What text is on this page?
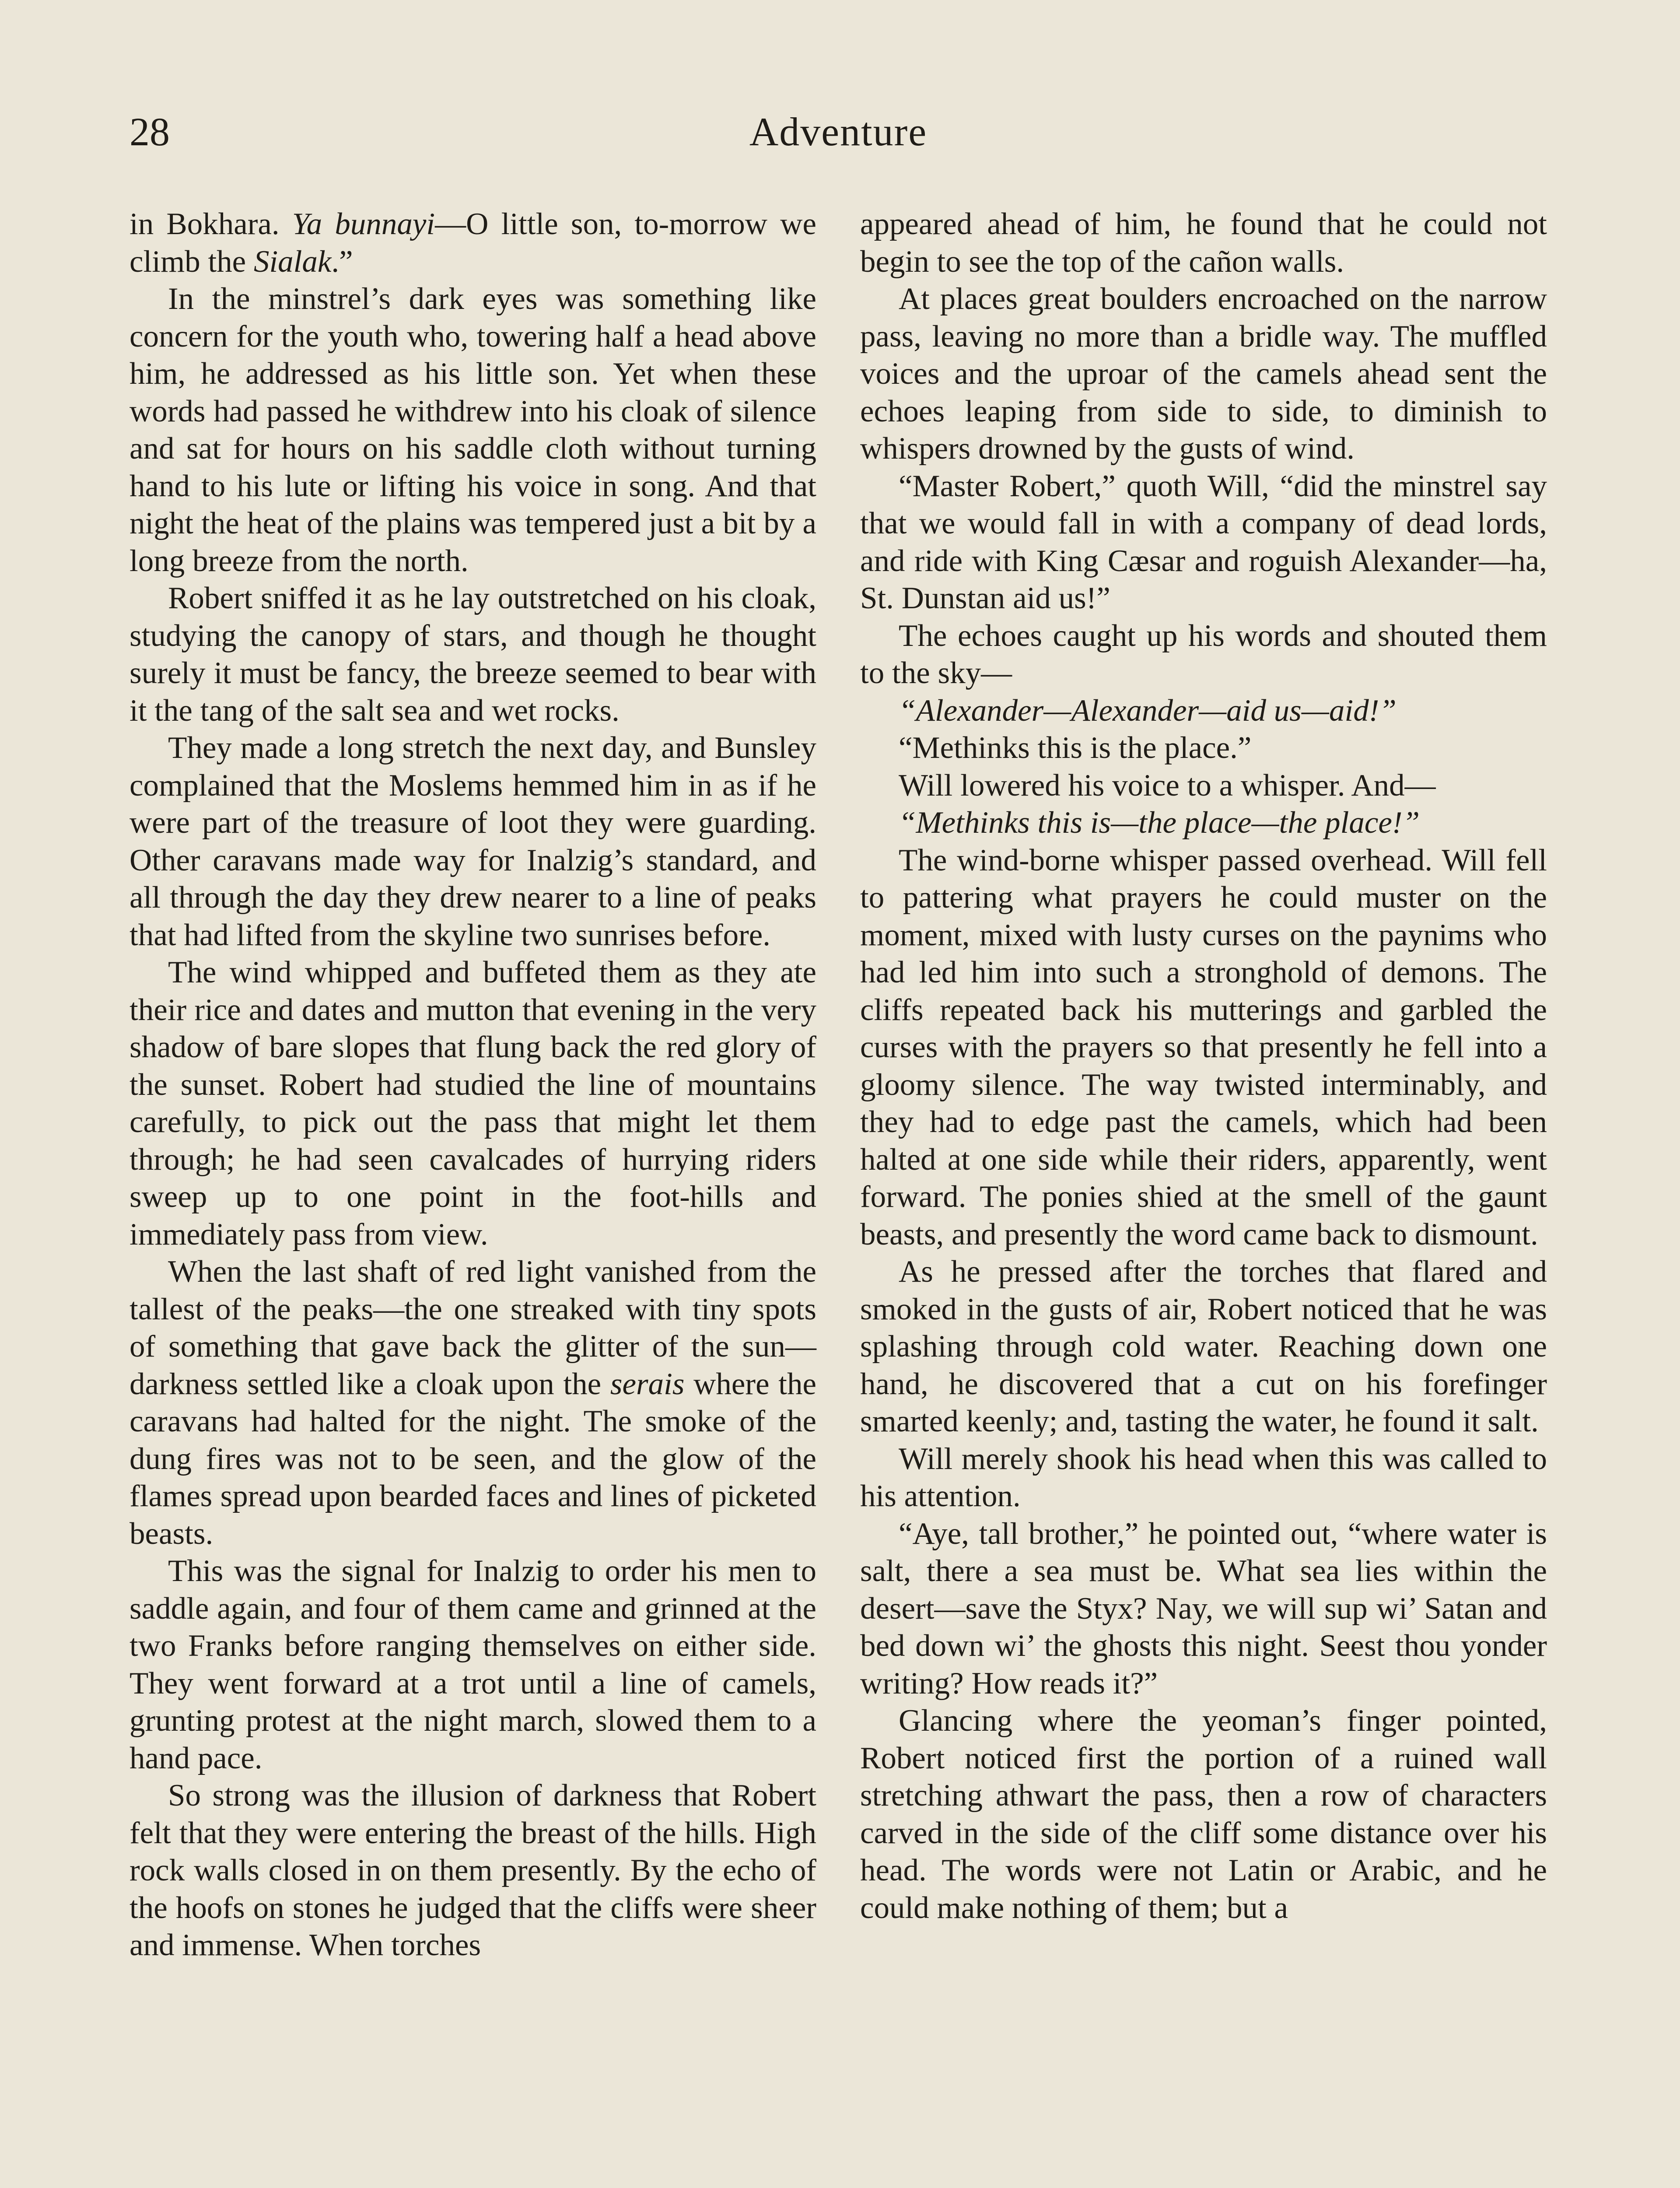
28	Adventure

in Bokhara. Ya bunnayi—O little son, to-morrow we climb the Sialak.”

In the minstrel’s dark eyes was something like concern for the youth who, towering half a head above him, he addressed as his little son. Yet when these words had passed he withdrew into his cloak of silence and sat for hours on his saddle cloth without turning hand to his lute or lifting his voice in song. And that night the heat of the plains was tempered just a bit by a long breeze from the north.

Robert sniffed it as he lay outstretched on his cloak, studying the canopy of stars, and though he thought surely it must be fancy, the breeze seemed to bear with it the tang of the salt sea and wet rocks.

They made a long stretch the next day, and Bunsley complained that the Moslems hemmed him in as if he were part of the treasure of loot they were guarding. Other caravans made way for Inalzig’s standard, and all through the day they drew nearer to a line of peaks that had lifted from the skyline two sunrises before.

The wind whipped and buffeted them as they ate their rice and dates and mutton that evening in the very shadow of bare slopes that flung back the red glory of the sunset. Robert had studied the line of mountains carefully, to pick out the pass that might let them through; he had seen cavalcades of hurrying riders sweep up to one point in the foot-hills and immediately pass from view.

When the last shaft of red light vanished from the tallest of the peaks—the one streaked with tiny spots of something that gave back the glitter of the sun—darkness settled like a cloak upon the serais where the caravans had halted for the night. The smoke of the dung fires was not to be seen, and the glow of the flames spread upon bearded faces and lines of picketed beasts.

This was the signal for Inalzig to order his men to saddle again, and four of them came and grinned at the two Franks before ranging themselves on either side. They went forward at a trot until a line of camels, grunting protest at the night march, slowed them to a hand pace.

So strong was the illusion of darkness that Robert felt that they were entering the breast of the hills. High rock walls closed in on them presently. By the echo of the hoofs on stones he judged that the cliffs were sheer and immense. When torches

appeared ahead of him, he found that he could not begin to see the top of the cañon walls.

At places great boulders encroached on the narrow pass, leaving no more than a bridle way. The muffled voices and the uproar of the camels ahead sent the echoes leaping from side to side, to diminish to whispers drowned by the gusts of wind.

“Master Robert,” quoth Will, “did the minstrel say that we would fall in with a company of dead lords, and ride with King Cæsar and roguish Alexander—ha, St. Dunstan aid us!”

The echoes caught up his words and shouted them to the sky—

“Alexander—Alexander—aid us—aid!”

“Methinks this is the place.”

Will lowered his voice to a whisper. And—

“Methinks this is—the place—the place!”

The wind-borne whisper passed overhead. Will fell to pattering what prayers he could muster on the moment, mixed with lusty curses on the paynims who had led him into such a stronghold of demons. The cliffs repeated back his mutterings and garbled the curses with the prayers so that presently he fell into a gloomy silence. The way twisted interminably, and they had to edge past the camels, which had been halted at one side while their riders, apparently, went forward. The ponies shied at the smell of the gaunt beasts, and presently the word came back to dismount.

As he pressed after the torches that flared and smoked in the gusts of air, Robert noticed that he was splashing through cold water. Reaching down one hand, he discovered that a cut on his forefinger smarted keenly; and, tasting the water, he found it salt.

Will merely shook his head when this was called to his attention.

“Aye, tall brother,” he pointed out, “where water is salt, there a sea must be. What sea lies within the desert—save the Styx? Nay, we will sup wi’ Satan and bed down wi’ the ghosts this night. Seest thou yonder writing? How reads it?”

Glancing where the yeoman’s finger pointed, Robert noticed first the portion of a ruined wall stretching athwart the pass, then a row of characters carved in the side of the cliff some distance over his head. The words were not Latin or Arabic, and he could make nothing of them; but a
